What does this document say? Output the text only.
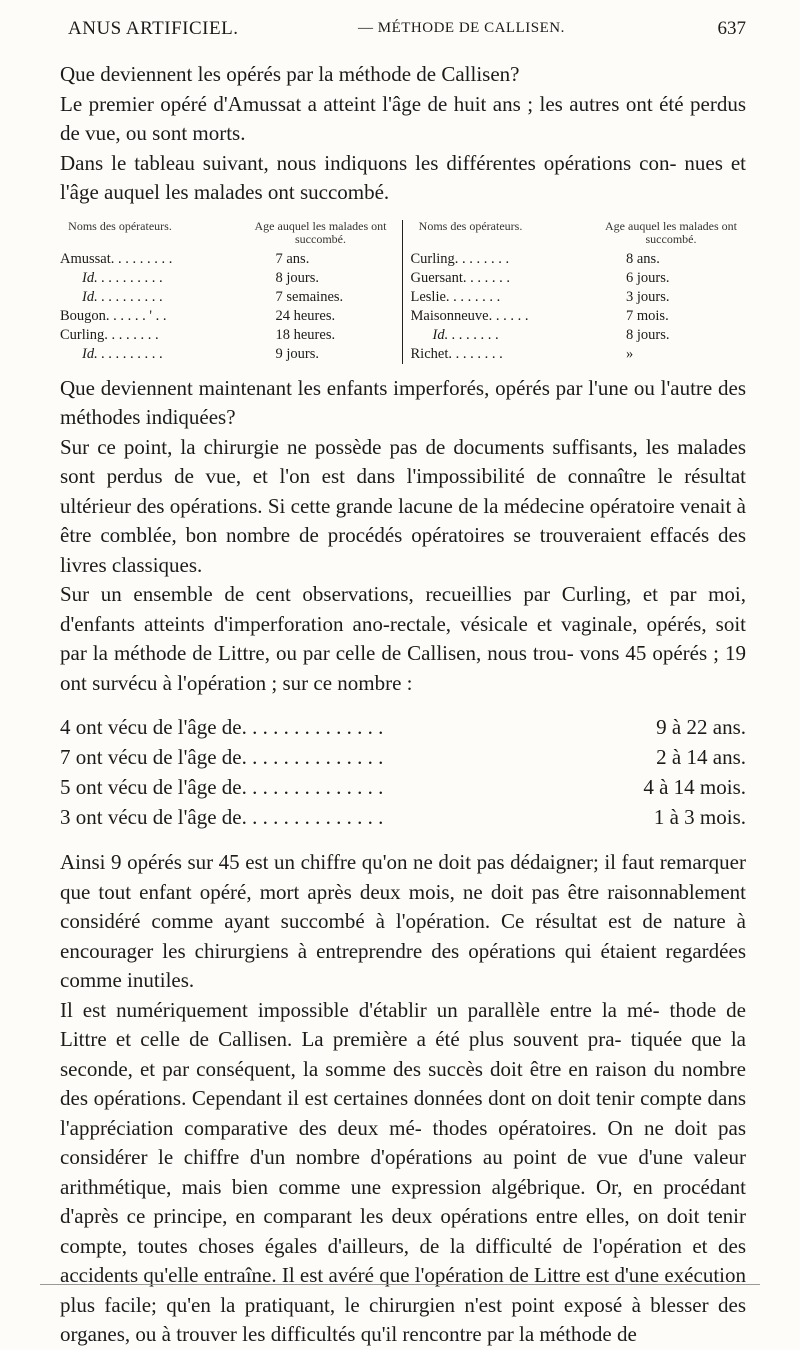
ANUS ARTIFICIEL.	— MÉTHODE DE CALLISEN.	637

Que deviennent les opérés par la méthode de Callisen?

Le premier opéré d'Amussat a atteint l'âge de huit ans ; les autres ont été perdus de vue, ou sont morts.

Dans le tableau suivant, nous indiquons les différentes opérations con- nues et l'âge auquel les malades ont succombé.

Noms des opérateurs.	Age auquel les malades ont succombé.
Amussat. . . . . . . . .	7 ans.
Id. . . . . . . . . .	8 jours.
Id. . . . . . . . . .	7 semaines.
Bougon. . . . . . ' . .	24 heures.
Curling. . . . . . . .	18 heures.
Id. . . . . . . . . .	9 jours.
Noms des opérateurs.	Age auquel les malades ont succombé.
Curling. . . . . . . .	8 ans.
Guersant. . . . . . .	6 jours.
Leslie. . . . . . . .	3 jours.
Maisonneuve. . . . . .	7 mois.
Id. . . . . . . .	8 jours.
Richet. . . . . . . .	»

Que deviennent maintenant les enfants imperforés, opérés par l'une ou l'autre des méthodes indiquées?

Sur ce point, la chirurgie ne possède pas de documents suffisants, les malades sont perdus de vue, et l'on est dans l'impossibilité de connaître le résultat ultérieur des opérations. Si cette grande lacune de la médecine opératoire venait à être comblée, bon nombre de procédés opératoires se trouveraient effacés des livres classiques.

Sur un ensemble de cent observations, recueillies par Curling, et par moi, d'enfants atteints d'imperforation ano-rectale, vésicale et vaginale, opérés, soit par la méthode de Littre, ou par celle de Callisen, nous trou- vons 45 opérés ; 19 ont survécu à l'opération ; sur ce nombre :

4 ont vécu de l'âge de. . . . . . . . . . . . . .	9 à 22 ans.
7 ont vécu de l'âge de. . . . . . . . . . . . . .	2 à 14 ans.
5 ont vécu de l'âge de. . . . . . . . . . . . . .	4 à 14 mois.
3 ont vécu de l'âge de. . . . . . . . . . . . . .	1 à 3 mois.

Ainsi 9 opérés sur 45 est un chiffre qu'on ne doit pas dédaigner; il faut remarquer que tout enfant opéré, mort après deux mois, ne doit pas être raisonnablement considéré comme ayant succombé à l'opération. Ce résultat est de nature à encourager les chirurgiens à entreprendre des opérations qui étaient regardées comme inutiles.

Il est numériquement impossible d'établir un parallèle entre la mé- thode de Littre et celle de Callisen. La première a été plus souvent pra- tiquée que la seconde, et par conséquent, la somme des succès doit être en raison du nombre des opérations. Cependant il est certaines données dont on doit tenir compte dans l'appréciation comparative des deux mé- thodes opératoires. On ne doit pas considérer le chiffre d'un nombre d'opérations au point de vue d'une valeur arithmétique, mais bien comme une expression algébrique. Or, en procédant d'après ce principe, en comparant les deux opérations entre elles, on doit tenir compte, toutes choses égales d'ailleurs, de la difficulté de l'opération et des accidents qu'elle entraîne. Il est avéré que l'opération de Littre est d'une exécution plus facile; qu'en la pratiquant, le chirurgien n'est point exposé à blesser des organes, ou à trouver les difficultés qu'il rencontre par la méthode de
